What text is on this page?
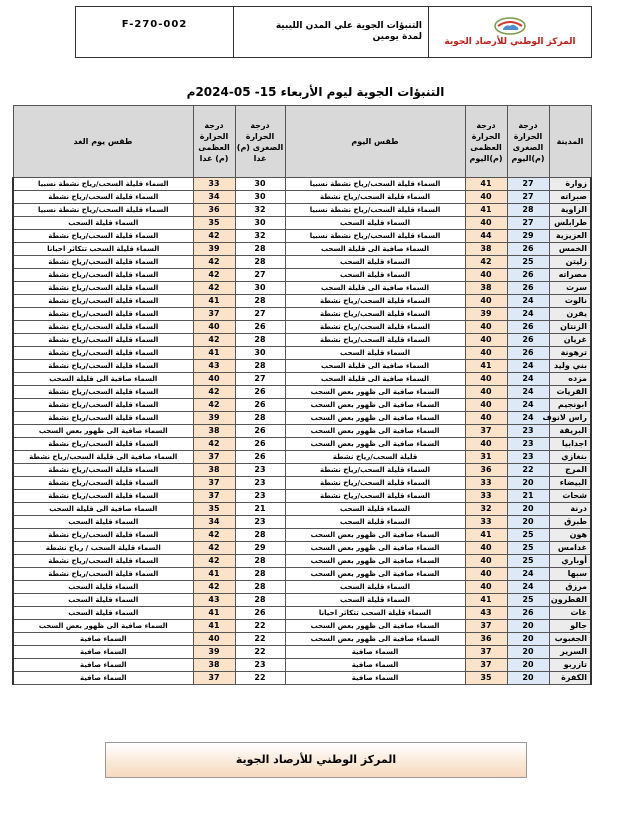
F-270-002	التنبؤات الجوية علي المدن الليبية
لمدة يومين	المركز الوطني للأرصاد الجوية
التنبؤات الجوية ليوم الأربعاء 15- 05-2024م
طقس يوم الغد	درجة الحرارة العظمى (م) غدا	درجة الحرارة الصغرى (م) غدا	طقس اليوم	درجة الحرارة العظمى (م)اليوم	درجة الحرارة الصغرى (م)اليوم	المدينة
السماء قليلة السحب/رياح نشطة نسبيا	33	30	السماء قليلة السحب/رياح نشطة نسبيا	41	27	زوارة
السماء قليلة السحب/رياح نشطة	34	30	السماء قليلة السحب/رياح نشطة	40	27	صبراته
السماء قليلة السحب/رياح نشطة نسبيا	36	32	السماء قليلة السحب/رياح نشطة نسبيا	41	28	الزاوية
السماء قليلة السحب	35	30	السماء قليلة السحب	40	27	طرابلس
السماء قليلة السحب/رياح نشطة	42	32	السماء قليلة السحب/رياح نشطة نسبيا	44	29	العزيزية
السماء قليلة السحب تتكاثر احيانا	39	28	السماء صافية الى قليلة السحب	38	26	الخمس
السماء قليلة السحب/رياح نشطة	42	28	السماء قليلة السحب	42	25	زليتن
السماء قليلة السحب/رياح نشطة	42	27	السماء قليلة السحب	40	26	مصراته
السماء قليلة السحب/رياح نشطة	42	30	السماء صافية الى قليلة السحب	38	26	سرت
السماء قليلة السحب/رياح نشطة	41	28	السماء قليلة السحب/رياح نشطة	40	24	نالوت
السماء قليلة السحب/رياح نشطة	37	27	السماء قليلة السحب/رياح نشطة	39	24	يفرن
السماء قليلة السحب/رياح نشطة	40	26	السماء قليلة السحب/رياح نشطة	40	26	الزنتان
السماء قليلة السحب/رياح نشطة	42	28	السماء قليلة السحب/رياح نشطة	40	26	غريان
السماء قليلة السحب/رياح نشطة	41	30	السماء قليلة السحب	40	26	ترهونة
السماء قليلة السحب/رياح نشطة	43	28	السماء صافية الى قليلة السحب	41	24	بني وليد
السماء صافية الى قليلة السحب	40	27	السماء صافية الى قليلة السحب	40	24	مزده
السماء قليلة السحب/رياح نشطة	42	26	السماء صافية الى ظهور بعض السحب	40	24	القريات
السماء قليلة السحب/رياح نشطة	42	26	السماء صافية الى ظهور بعض السحب	40	24	ابونجيم
السماء قليلة السحب/رياح نشطة	39	28	السماء صافية الى ظهور بعض السحب	40	24	راس لانوف
السماء صافية الى ظهور بعض السحب	38	26	السماء صافية الى ظهور بعض السحب	37	23	البريقة
السماء قليلة السحب/رياح نشطة	42	26	السماء صافية الى ظهور بعض السحب	40	23	اجدابيا
السماء صافية الى قليلة السحب/رياح نشطة	37	26	قليلة السحب/رياح نشطة	31	23	بنغازي
السماء قليلة السحب/رياح نشطة	38	23	السماء قليلة السحب/رياح نشطة	36	22	المرج
السماء قليلة السحب/رياح نشطة	37	23	السماء قليلة السحب/رياح نشطة	33	20	البيضاء
السماء قليلة السحب/رياح نشطة	37	23	السماء قليلة السحب/رياح نشطة	33	21	شحات
السماء صافية الى قليلة السحب	35	21	السماء قليلة السحب	32	20	درنة
السماء قليلة السحب	34	23	السماء قليلة السحب	33	20	طبرق
السماء قليلة السحب/رياح نشطة	42	28	السماء صافية الى ظهور بعض السحب	41	25	هون
السماء قليلة السحب / رياح نشطة	42	29	السماء صافية الى ظهور بعض السحب	40	25	غدامس
السماء قليلة السحب/رياح نشطة	42	28	السماء صافية الى ظهور بعض السحب	40	25	أوباري
السماء قليلة السحب/رياح نشطة	41	28	السماء صافية الى ظهور بعض السحب	40	24	سبها
السماء قليلة السحب	42	28	السماء قليلة السحب	40	24	مرزق
السماء قليلة السحب	43	28	السماء قليلة السحب	41	25	القطرون
السماء قليلة السحب	41	26	السماء قليلة السحب تتكاثر احيانا	43	26	غات
السماء صافية الى ظهور بعض السحب	41	22	السماء صافية الى ظهور بعض السحب	37	20	جالو
السماء صافية	40	22	السماء صافية الى ظهور بعض السحب	36	20	الجغبوب
السماء صافية	39	22	السماء صافية	37	20	السرير
السماء صافية	38	23	السماء صافية	37	20	تازربو
السماء صافية	37	22	السماء صافية	35	20	الكفرة
المركز الوطني للأرصاد الجوية
